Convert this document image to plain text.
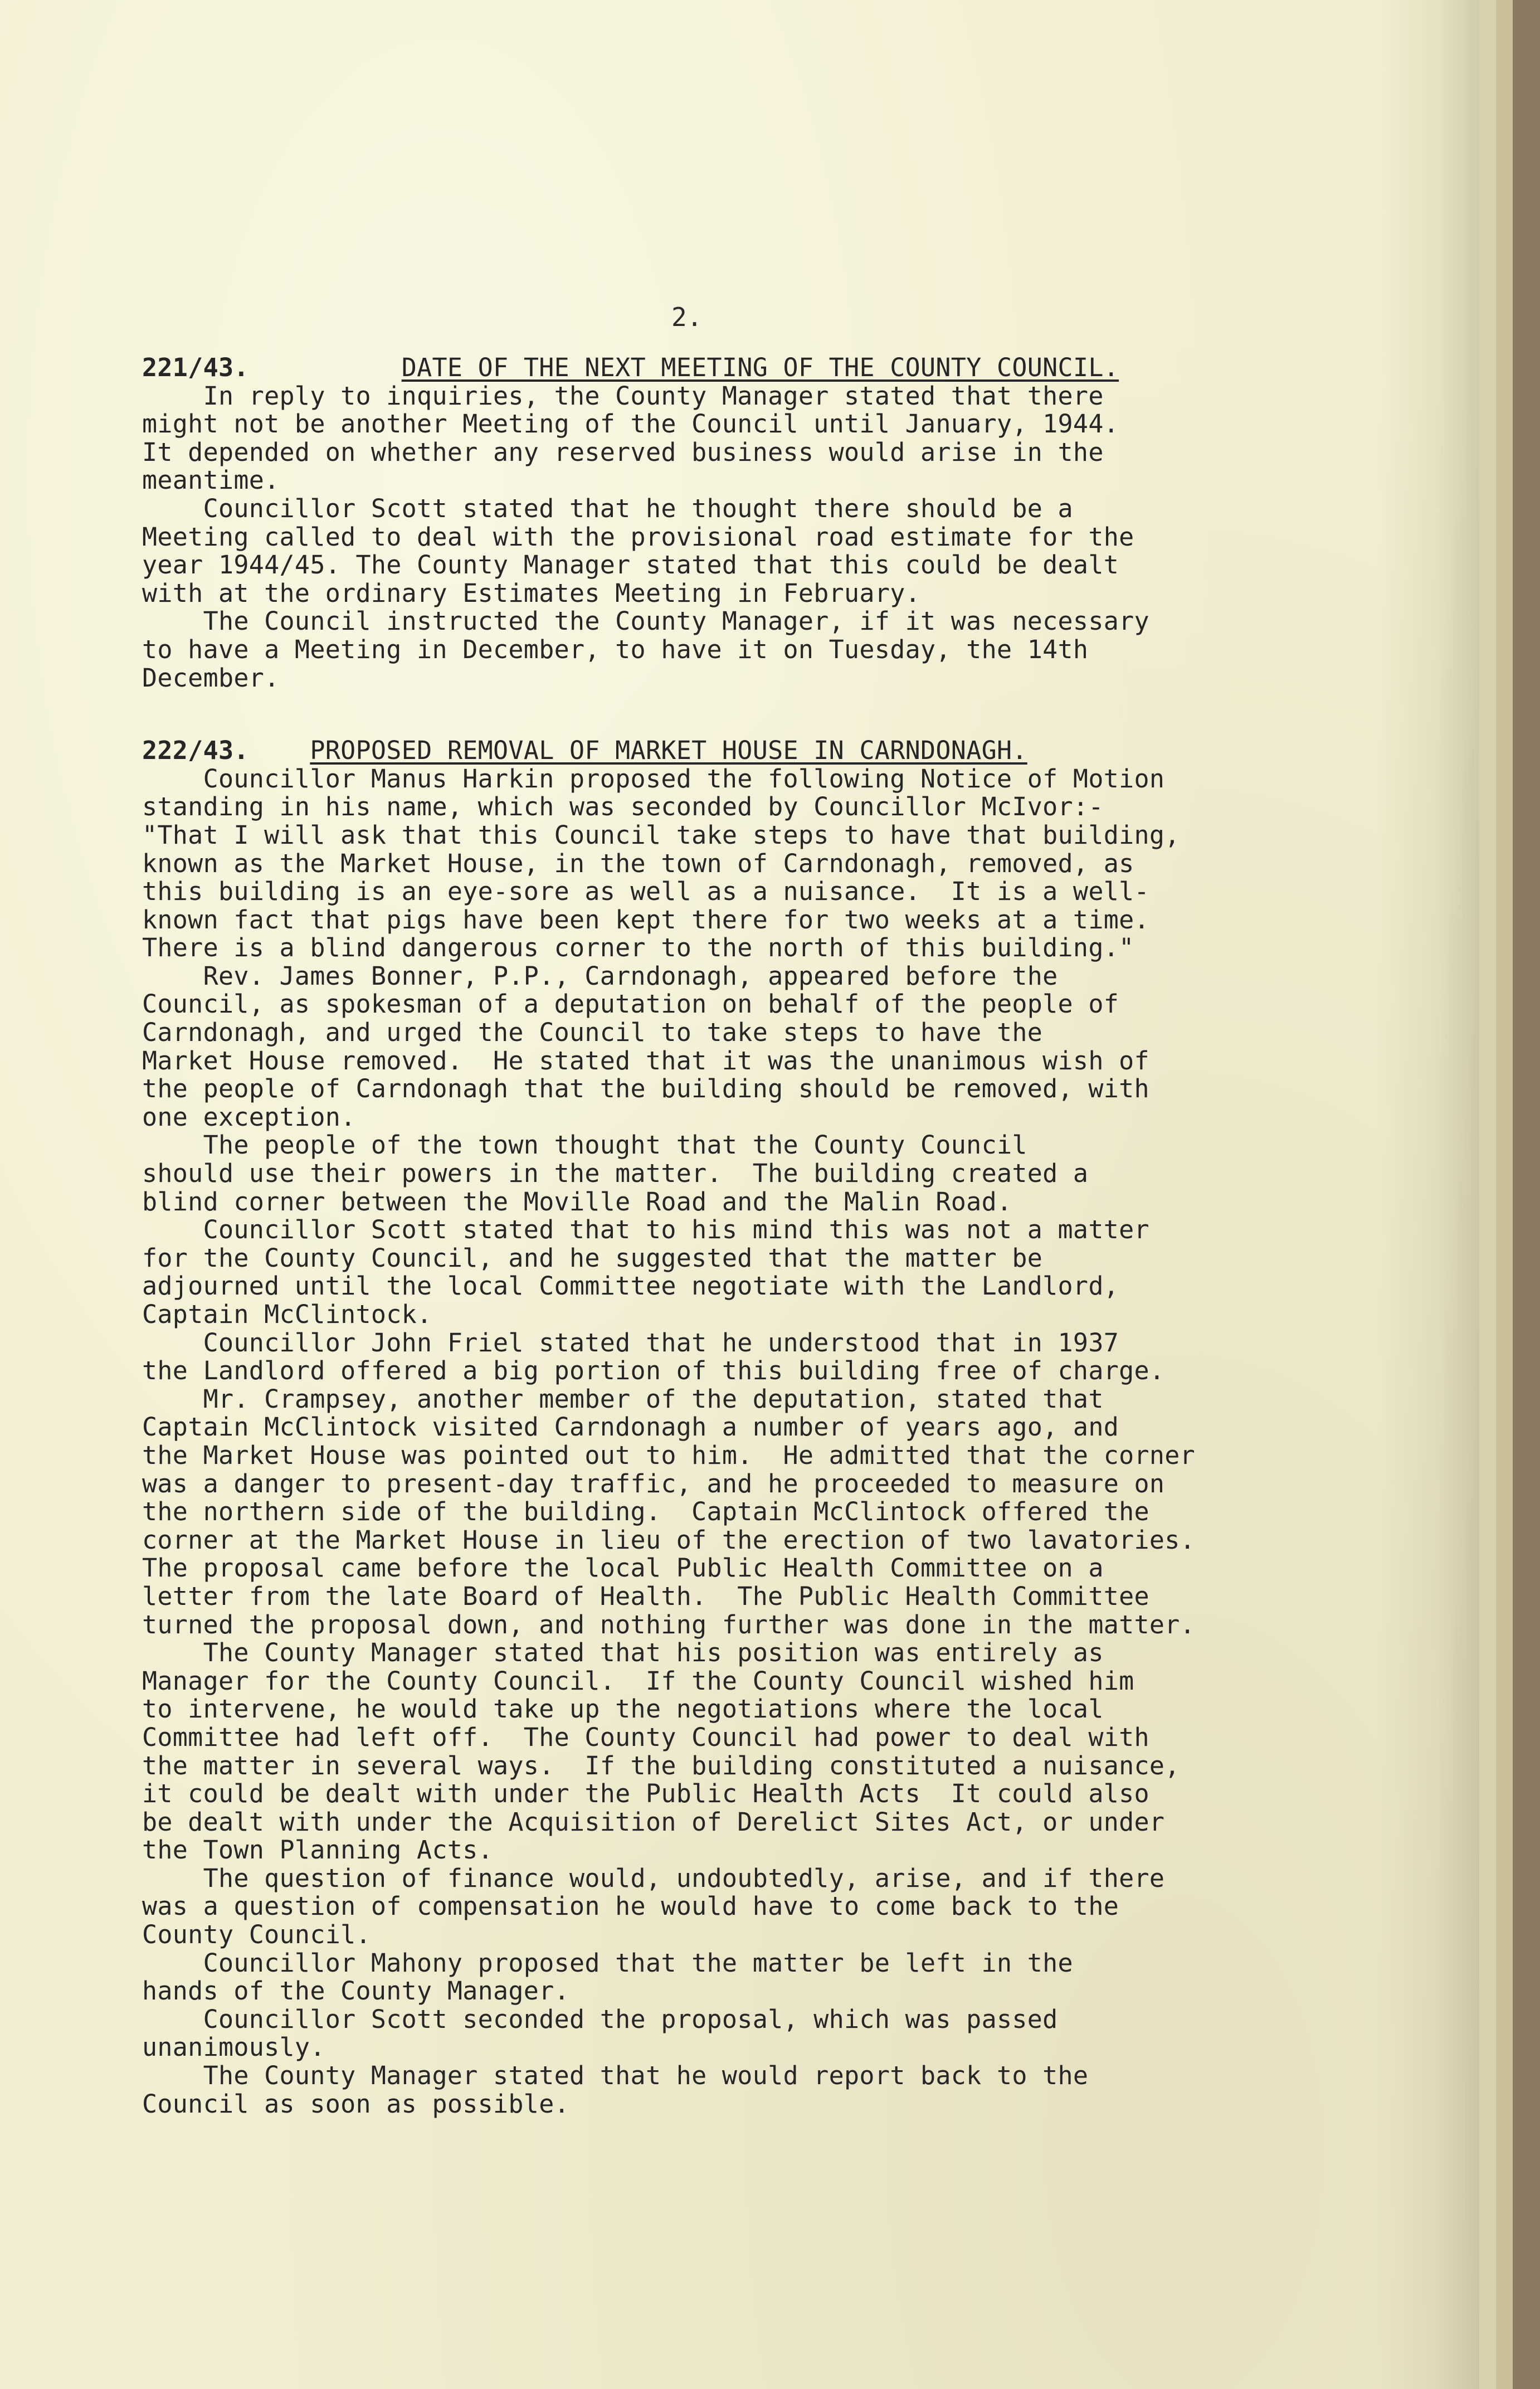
2.
221/43.	DATE OF THE NEXT MEETING OF THE COUNTY COUNCIL.
In reply to inquiries, the County Manager stated that there
might not be another Meeting of the Council until January, 1944.
It depended on whether any reserved business would arise in the
meantime.
Councillor Scott stated that he thought there should be a
Meeting called to deal with the provisional road estimate for the
year 1944/45. The County Manager stated that this could be dealt
with at the ordinary Estimates Meeting in February.
The Council instructed the County Manager, if it was necessary
to have a Meeting in December, to have it on Tuesday, the 14th
December.
222/43. PROPOSED REMOVAL OF MARKET HOUSE IN CARNDONAGH.
Councillor Manus Harkin proposed the following Notice of Motion
standing in his name, which was seconded by Councillor McIvor:-
"That I will ask that this Council take steps to have that building,
known as the Market House, in the town of Carndonagh, removed, as
this building is an eye-sore as well as a nuisance.  It is a well-
known fact that pigs have been kept there for two weeks at a time.
There is a blind dangerous corner to the north of this building."
Rev. James Bonner, P.P., Carndonagh, appeared before the
Council, as spokesman of a deputation on behalf of the people of
Carndonagh, and urged the Council to take steps to have the
Market House removed.  He stated that it was the unanimous wish of
the people of Carndonagh that the building should be removed, with
one exception.
The people of the town thought that the County Council
should use their powers in the matter.  The building created a
blind corner between the Moville Road and the Malin Road.
Councillor Scott stated that to his mind this was not a matter
for the County Council, and he suggested that the matter be
adjourned until the local Committee negotiate with the Landlord,
Captain McClintock.
Councillor John Friel stated that he understood that in 1937
the Landlord offered a big portion of this building free of charge.
Mr. Crampsey, another member of the deputation, stated that
Captain McClintock visited Carndonagh a number of years ago, and
the Market House was pointed out to him.  He admitted that the corner
was a danger to present-day traffic, and he proceeded to measure on
the northern side of the building.  Captain McClintock offered the
corner at the Market House in lieu of the erection of two lavatories.
The proposal came before the local Public Health Committee on a
letter from the late Board of Health.  The Public Health Committee
turned the proposal down, and nothing further was done in the matter.
The County Manager stated that his position was entirely as
Manager for the County Council.  If the County Council wished him
to intervene, he would take up the negotiations where the local
Committee had left off.  The County Council had power to deal with
the matter in several ways.  If the building constituted a nuisance,
it could be dealt with under the Public Health Acts  It could also
be dealt with under the Acquisition of Derelict Sites Act, or under
the Town Planning Acts.
The question of finance would, undoubtedly, arise, and if there
was a question of compensation he would have to come back to the
County Council.
Councillor Mahony proposed that the matter be left in the
hands of the County Manager.
Councillor Scott seconded the proposal, which was passed
unanimously.
The County Manager stated that he would report back to the
Council as soon as possible.
